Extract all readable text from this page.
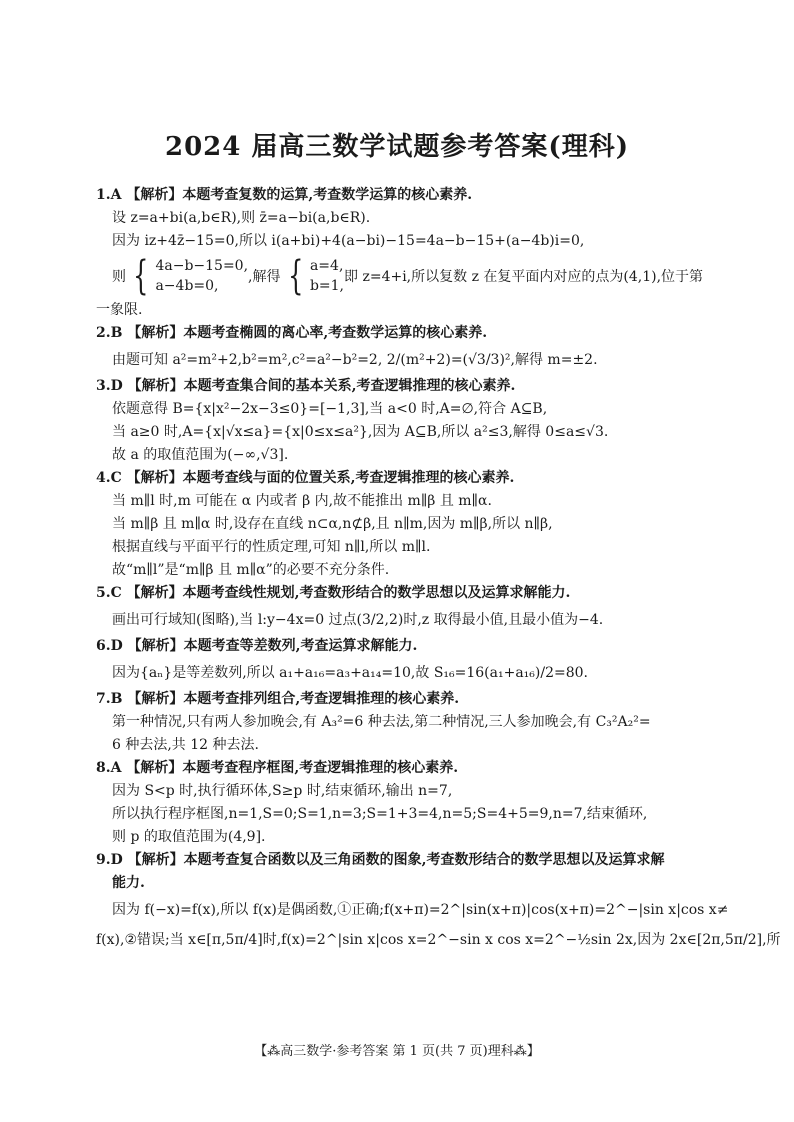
2024 届高三数学试题参考答案(理科)

1.A 【解析】本题考查复数的运算,考查数学运算的核心素养.

设 z=a+bi(a,b∈R),则 z̄=a−bi(a,b∈R).

因为 iz+4z̄−15=0,所以 i(a+bi)+4(a−bi)−15=4a−b−15+(a−4b)i=0,

则 { 4a−b−15=0,
a−4b=0,
,解得 { a=4,
b=1,
即 z=4+i,所以复数 z 在复平面内对应的点为(4,1),位于第

一象限.

2.B 【解析】本题考查椭圆的离心率,考查数学运算的核心素养.

由题可知 a²=m²+2,b²=m²,c²=a²−b²=2, 2/(m²+2)=(√3/3)²,解得 m=±2.

3.D 【解析】本题考查集合间的基本关系,考查逻辑推理的核心素养.

依题意得 B={x|x²−2x−3≤0}=[−1,3],当 a<0 时,A=∅,符合 A⊆B,

当 a≥0 时,A={x|√x≤a}={x|0≤x≤a²},因为 A⊆B,所以 a²≤3,解得 0≤a≤√3.

故 a 的取值范围为(−∞,√3].

4.C 【解析】本题考查线与面的位置关系,考查逻辑推理的核心素养.

当 m∥l 时,m 可能在 α 内或者 β 内,故不能推出 m∥β 且 m∥α.

当 m∥β 且 m∥α 时,设存在直线 n⊂α,n⊄β,且 n∥m,因为 m∥β,所以 n∥β,

根据直线与平面平行的性质定理,可知 n∥l,所以 m∥l.

故“m∥l”是“m∥β 且 m∥α”的必要不充分条件.

5.C 【解析】本题考查线性规划,考查数形结合的数学思想以及运算求解能力.

画出可行域知(图略),当 l:y−4x=0 过点(3/2,2)时,z 取得最小值,且最小值为−4.

6.D 【解析】本题考查等差数列,考查运算求解能力.

因为{aₙ}是等差数列,所以 a₁+a₁₆=a₃+a₁₄=10,故 S₁₆=16(a₁+a₁₆)/2=80.

7.B 【解析】本题考查排列组合,考查逻辑推理的核心素养.

第一种情况,只有两人参加晚会,有 A₃²=6 种去法,第二种情况,三人参加晚会,有 C₃²A₂²=

6 种去法,共 12 种去法.

8.A 【解析】本题考查程序框图,考查逻辑推理的核心素养.

因为 S<p 时,执行循环体,S≥p 时,结束循环,输出 n=7,

所以执行程序框图,n=1,S=0;S=1,n=3;S=1+3=4,n=5;S=4+5=9,n=7,结束循环,

则 p 的取值范围为(4,9].

9.D 【解析】本题考查复合函数以及三角函数的图象,考查数形结合的数学思想以及运算求解

能力.

因为 f(−x)=f(x),所以 f(x)是偶函数,①正确;f(x+π)=2^|sin(x+π)|cos(x+π)=2^−|sin x|cos x≠

f(x),②错误;当 x∈[π,5π/4]时,f(x)=2^|sin x|cos x=2^−sin x cos x=2^−½sin 2x,因为 2x∈[2π,5π/2],所

【⁂高三数学·参考答案 第 1 页(共 7 页)理科⁂】
